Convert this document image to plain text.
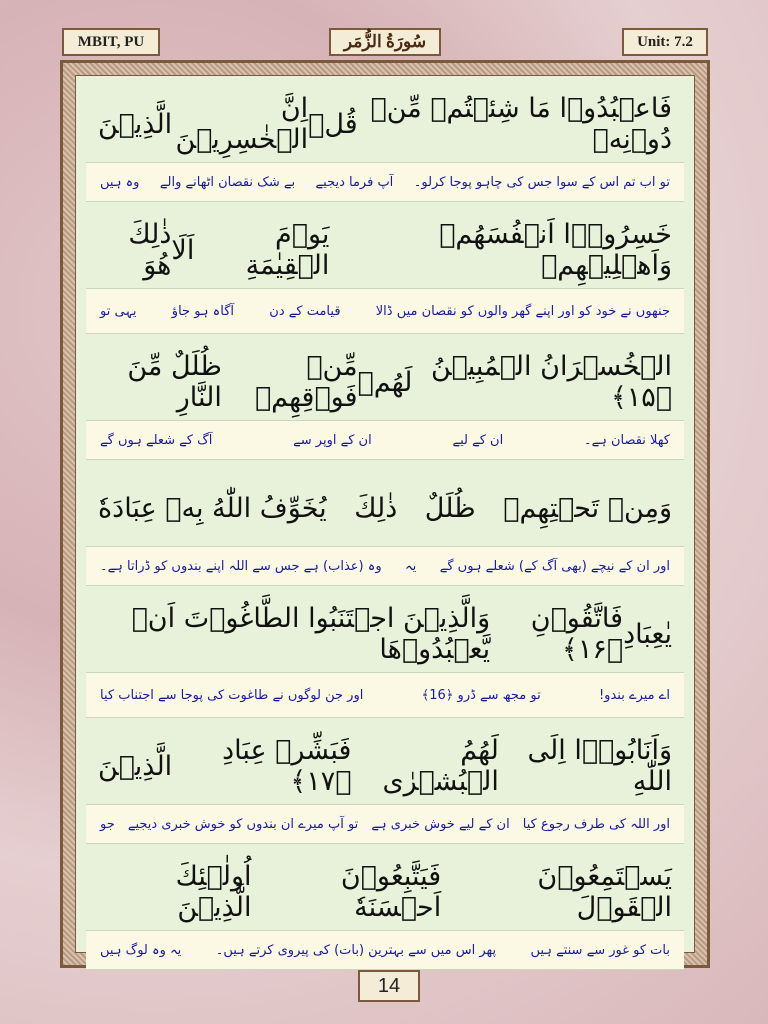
MBIT, PU	سُورَةُ الزُّمَر	Unit: 7.2
فَاعۡبُدُوۡا مَا شِئۡتُمۡ مِّنۡ دُوۡنِهٖ
قُلۡ
اِنَّ الۡخٰسِرِيۡنَ
الَّذِيۡنَ
تو اب تم اس کے سوا جس کی چاہو پوجا کرلو۔
آپ فرما دیجیے
بے شک نقصان اٹھانے والے
وہ ہیں
خَسِرُوۡۤا اَنۡفُسَهُمۡ وَاَهۡلِيۡهِمۡ
يَوۡمَ الۡقِيٰمَةِ
اَلَا
ذٰلِكَ هُوَ
جنھوں نے خود کو اور اپنے گھر والوں کو نقصان میں ڈالا
قیامت کے دن
آگاہ ہو جاؤ
یہی تو
الۡخُسۡرَانُ الۡمُبِيۡنُ ﴿۱۵﴾
لَهُمۡ
مِّنۡ فَوۡقِهِمۡ
ظُلَلٌ مِّنَ النَّارِ
کھلا نقصان ہے۔
ان کے لیے
ان کے اوپر سے
آگ کے شعلے ہوں گے
وَمِنۡ تَحۡتِهِمۡ
ظُلَلٌ
ذٰلِكَ
يُخَوِّفُ اللّٰهُ بِهٖ عِبَادَهٗ
اور ان کے نیچے (بھی آگ کے) شعلے ہوں گے
یہ
وہ (عذاب) ہے جس سے اللہ اپنے بندوں کو ڈراتا ہے۔
يٰعِبَادِ
فَاتَّقُوۡنِ ﴿۱۶﴾
وَالَّذِيۡنَ اجۡتَنَبُوا الطَّاغُوۡتَ اَنۡ يَّعۡبُدُوۡهَا
اے میرے بندو!
تو مجھ سے ڈرو ﴿16﴾
اور جن لوگوں نے طاغوت کی پوجا سے اجتناب کیا
وَاَنَابُوۡۤا اِلَى اللّٰهِ
لَهُمُ الۡبُشۡرٰى
فَبَشِّرۡ عِبَادِ ﴿۱۷﴾
الَّذِيۡنَ
اور اللہ کی طرف رجوع کیا
ان کے لیے خوش خبری ہے
تو آپ میرے ان بندوں کو خوش خبری دیجیے
جو
يَسۡتَمِعُوۡنَ الۡقَوۡلَ
فَيَتَّبِعُوۡنَ اَحۡسَنَهٗ
اُولٰۤئِكَ الَّذِيۡنَ
بات کو غور سے سنتے ہیں
پھر اس میں سے بہترین (بات) کی پیروی کرتے ہیں۔
یہ وہ لوگ ہیں
14
